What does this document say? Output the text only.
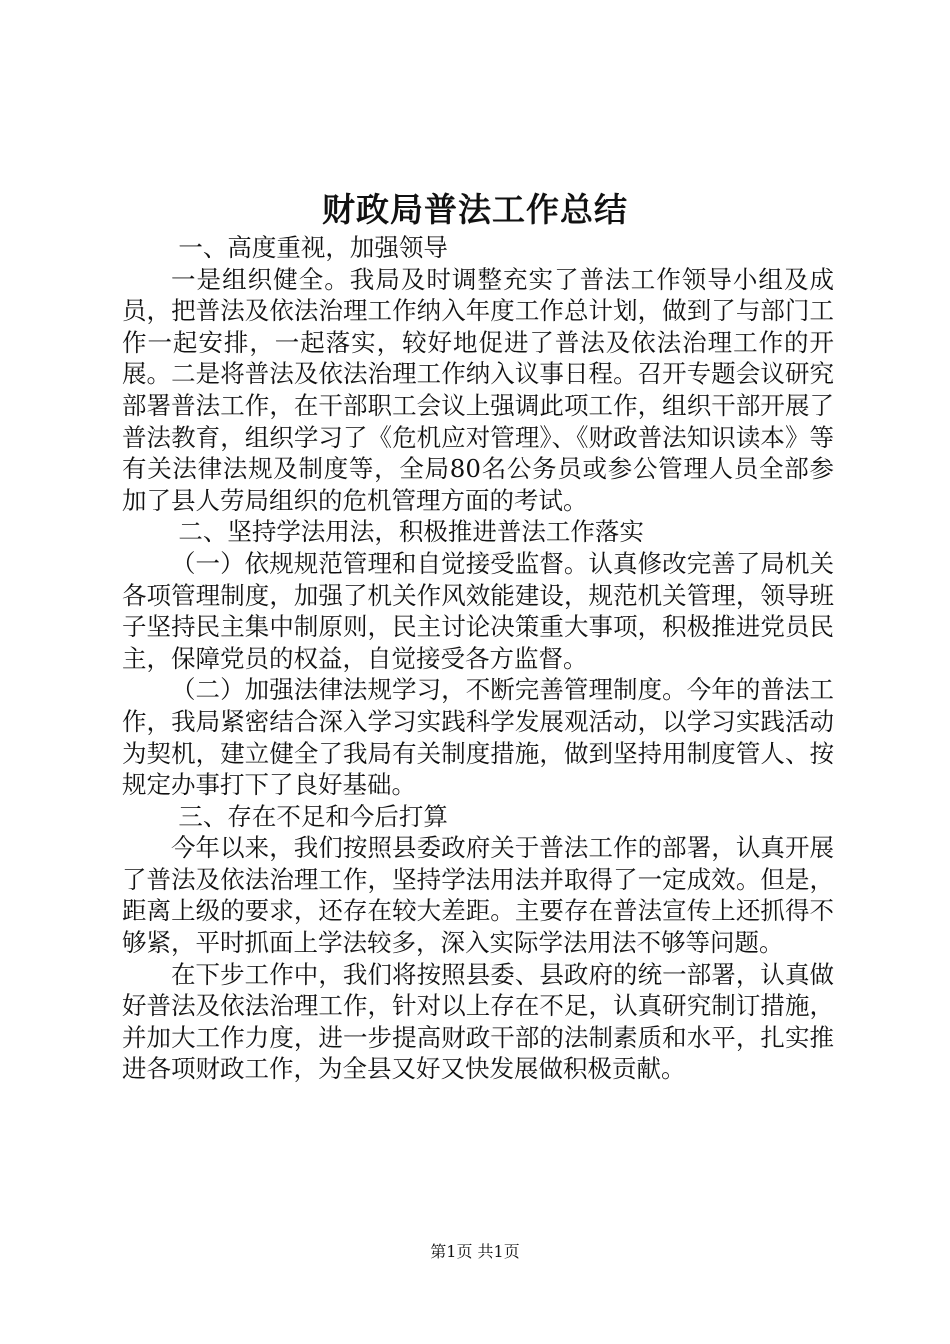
财政局普法工作总结

一、高度重视，加强领导

一是组织健全。我局及时调整充实了普法工作领导小组及成员，把普法及依法治理工作纳入年度工作总计划，做到了与部门工作一起安排，一起落实，较好地促进了普法及依法治理工作的开展。二是将普法及依法治理工作纳入议事日程。召开专题会议研究部署普法工作，在干部职工会议上强调此项工作，组织干部开展了普法教育，组织学习了《危机应对管理》、《财政普法知识读本》等有关法律法规及制度等，全局80名公务员或参公管理人员全部参加了县人劳局组织的危机管理方面的考试。

二、坚持学法用法，积极推进普法工作落实

（一）依规规范管理和自觉接受监督。认真修改完善了局机关各项管理制度，加强了机关作风效能建设，规范机关管理，领导班子坚持民主集中制原则，民主讨论决策重大事项，积极推进党员民主，保障党员的权益，自觉接受各方监督。

（二）加强法律法规学习，不断完善管理制度。今年的普法工作，我局紧密结合深入学习实践科学发展观活动，以学习实践活动为契机，建立健全了我局有关制度措施，做到坚持用制度管人、按规定办事打下了良好基础。

三、存在不足和今后打算

今年以来，我们按照县委政府关于普法工作的部署，认真开展了普法及依法治理工作，坚持学法用法并取得了一定成效。但是，距离上级的要求，还存在较大差距。主要存在普法宣传上还抓得不够紧，平时抓面上学法较多，深入实际学法用法不够等问题。

在下步工作中，我们将按照县委、县政府的统一部署，认真做好普法及依法治理工作，针对以上存在不足，认真研究制订措施，并加大工作力度，进一步提高财政干部的法制素质和水平，扎实推进各项财政工作，为全县又好又快发展做积极贡献。

第1页 共1页
